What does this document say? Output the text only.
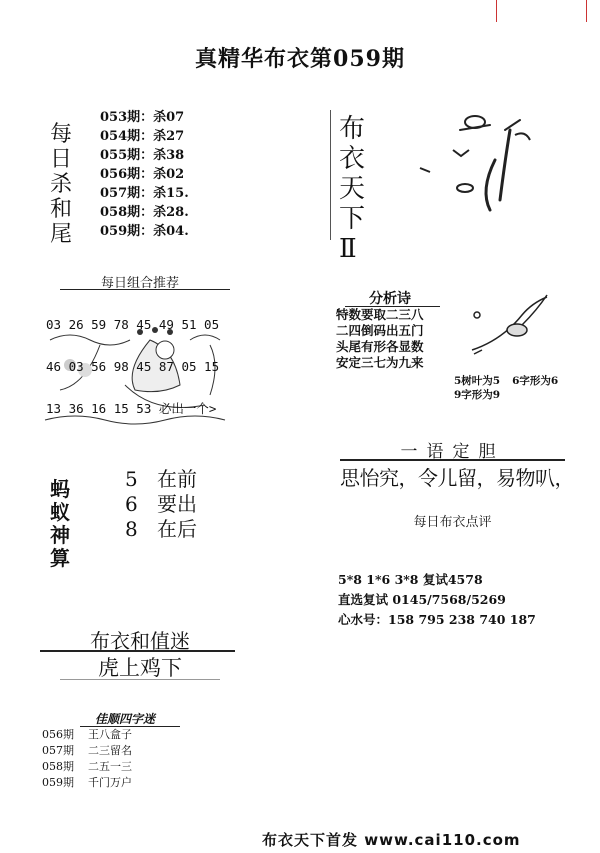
真精华布衣第059期
每
日
杀
和
尾
053期：杀07
054期：杀27
055期：杀38
056期：杀02
057期：杀15.
058期：杀28.
059期：杀04.
每日组合推荐

03 26 59 78 45 49 51 05

46 03 56 98 45 87 05 15

13 36 16 15 53 必出一个>

蚂
蚁
神
算
5 在前
6 要出
8 在后
布
衣
天
下
Ⅱ
分析诗
特数要取二三八
二四倒码出五门
头尾有形各显数
安定三七为九来
5树叶为5 6字形为6
9字形为9
一语定胆
思怡究，令儿留，易物叭，
每日布衣点评
5*8 1*6 3*8 复试4578
直选复试 0145/7568/5269
心水号：158 795 238 740 187
布衣和值迷
虎上鸡下
佳顺四字迷
056期 王八盒子
057期 二三留名
058期 二五一三
059期 千门万户
布衣天下首发 www.cai110.com
